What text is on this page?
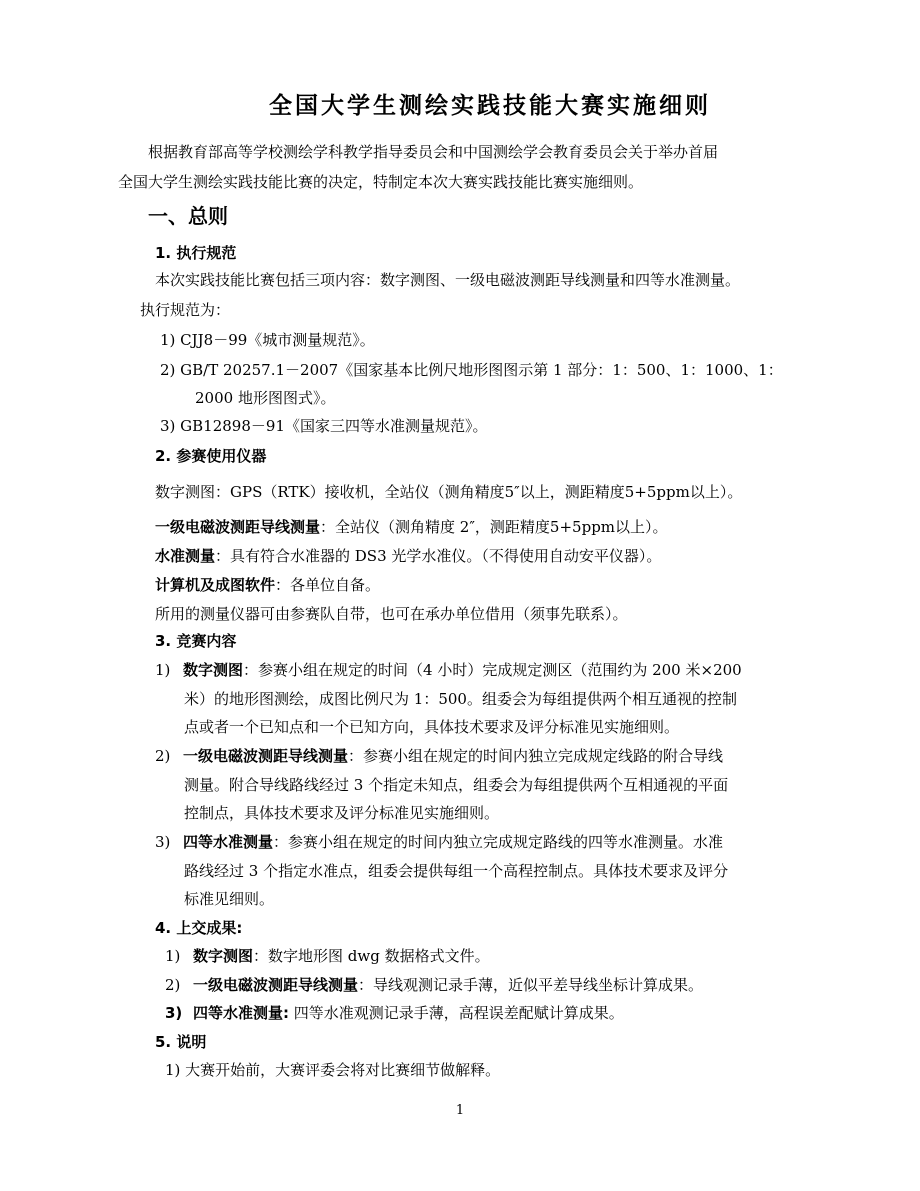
全国大学生测绘实践技能大赛实施细则
根据教育部高等学校测绘学科教学指导委员会和中国测绘学会教育委员会关于举办首届
全国大学生测绘实践技能比赛的决定，特制定本次大赛实践技能比赛实施细则。
一、总则
1. 执行规范
本次实践技能比赛包括三项内容：数字测图、一级电磁波测距导线测量和四等水准测量。
执行规范为：
1) CJJ8－99《城市测量规范》。
2) GB/T 20257.1－2007《国家基本比例尺地形图图示第 1 部分：1：500、1：1000、1：
2000 地形图图式》。
3) GB12898－91《国家三四等水准测量规范》。
2. 参赛使用仪器
数字测图：GPS（RTK）接收机，全站仪（测角精度5″以上，测距精度5+5ppm以上）。
一级电磁波测距导线测量：全站仪（测角精度 2″，测距精度5+5ppm以上）。
水准测量：具有符合水准器的 DS3 光学水准仪。（不得使用自动安平仪器）。
计算机及成图软件：各单位自备。
所用的测量仪器可由参赛队自带，也可在承办单位借用（须事先联系）。
3. 竞赛内容
1) 数字测图：参赛小组在规定的时间（4 小时）完成规定测区（范围约为 200 米×200
米）的地形图测绘，成图比例尺为 1：500。组委会为每组提供两个相互通视的控制
点或者一个已知点和一个已知方向，具体技术要求及评分标准见实施细则。
2) 一级电磁波测距导线测量：参赛小组在规定的时间内独立完成规定线路的附合导线
测量。附合导线路线经过 3 个指定未知点，组委会为每组提供两个互相通视的平面
控制点，具体技术要求及评分标准见实施细则。
3) 四等水准测量：参赛小组在规定的时间内独立完成规定路线的四等水准测量。水准
路线经过 3 个指定水准点，组委会提供每组一个高程控制点。具体技术要求及评分
标准见细则。
4. 上交成果:
1) 数字测图：数字地形图 dwg 数据格式文件。
2) 一级电磁波测距导线测量：导线观测记录手薄，近似平差导线坐标计算成果。
3) 四等水准测量: 四等水准观测记录手薄，高程误差配赋计算成果。
5. 说明
1) 大赛开始前，大赛评委会将对比赛细节做解释。
1
